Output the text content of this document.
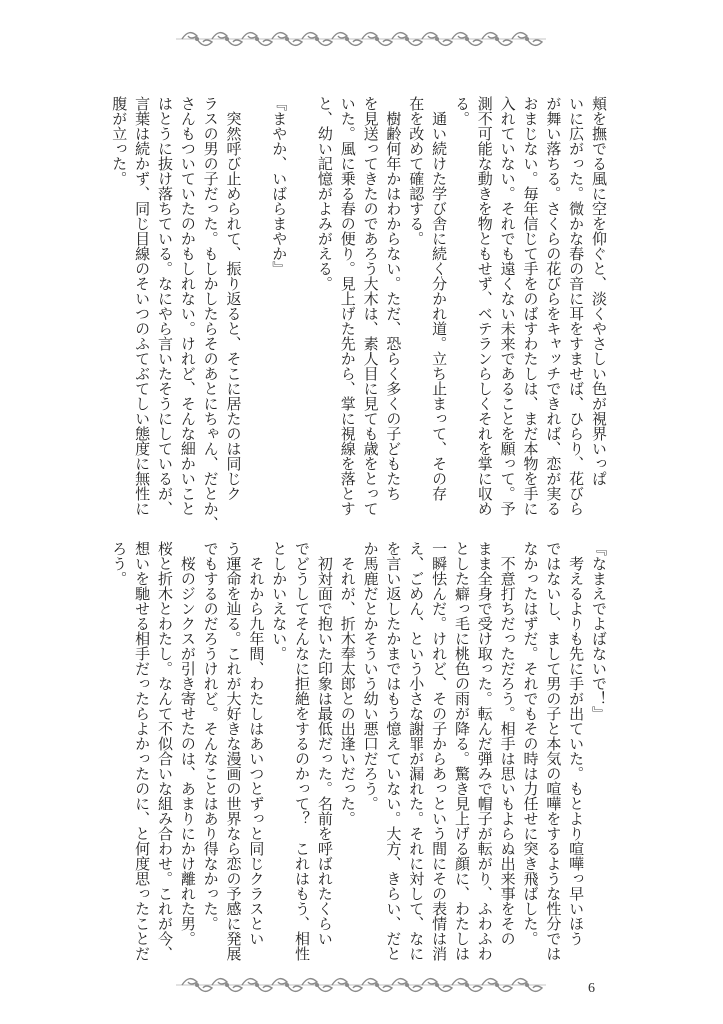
頬を撫でる風に空を仰ぐと、淡くやさしい色が視界いっぱ
いに広がった。微かな春の音に耳をすませば、ひらり、花びら
が舞い落ちる。さくらの花びらをキャッチできれば、恋が実る
おまじない。毎年信じて手をのばすわたしは、まだ本物を手に
入れていない。それでも遠くない未来であることを願って。予
測不可能な動きを物ともせず、ベテランらしくそれを掌に収め
る。
　通い続けた学び舎に続く分かれ道。立ち止まって、その存
在を改めて確認する。
　樹齢何年かはわからない。ただ、恐らく多くの子どもたち
を見送ってきたのであろう大木は、素人目に見ても歳をとって
いた。風に乗る春の便り。見上げた先から、掌に視線を落とす
と、幼い記憶がよみがえる。

『まやか、いばらまやか』

　突然呼び止められて、振り返ると、そこに居たのは同じク
ラスの男の子だった。もしかしたらそのあとにちゃん、だとか、
さんもついていたのかもしれない。けれど、そんな細かいこと
はとうに抜け落ちている。なにやら言いたそうにしているが、
言葉は続かず、同じ目線のそいつのふてぶてしい態度に無性に
腹が立った。
『なまえでよばないで！』
　考えるよりも先に手が出ていた。もとより喧嘩っ早いほう
ではないし、まして男の子と本気の喧嘩をするような性分では
なかったはずだ。それでもその時は力任せに突き飛ばした。
　不意打ちだっただろう。相手は思いもよらぬ出来事をその
まま全身で受け取った。転んだ弾みで帽子が転がり、ふわふわ
とした癖っ毛に桃色の雨が降る。驚き見上げる顔に、わたしは
一瞬怯んだ。けれど、その子からあっという間にその表情は消
え、ごめん、という小さな謝罪が漏れた。それに対して、なに
を言い返したかまではもう憶えていない。大方、きらい、だと
か馬鹿だとかそういう幼い悪口だろう。
　それが、折木奉太郎との出逢いだった。
　初対面で抱いた印象は最低だった。名前を呼ばれたくらい
でどうしてそんなに拒絶をするのかって？　これはもう、相性
としかいえない。
　それから九年間、わたしはあいつとずっと同じクラスとい
う運命を辿る。これが大好きな漫画の世界なら恋の予感に発展
でもするのだろうけれど。そんなことはあり得なかった。
　桜のジンクスが引き寄せたのは、あまりにかけ離れた男。
桜と折木とわたし。なんて不似合いな組み合わせ。これが今、
想いを馳せる相手だったらよかったのに、と何度思ったことだ
ろう。
6
